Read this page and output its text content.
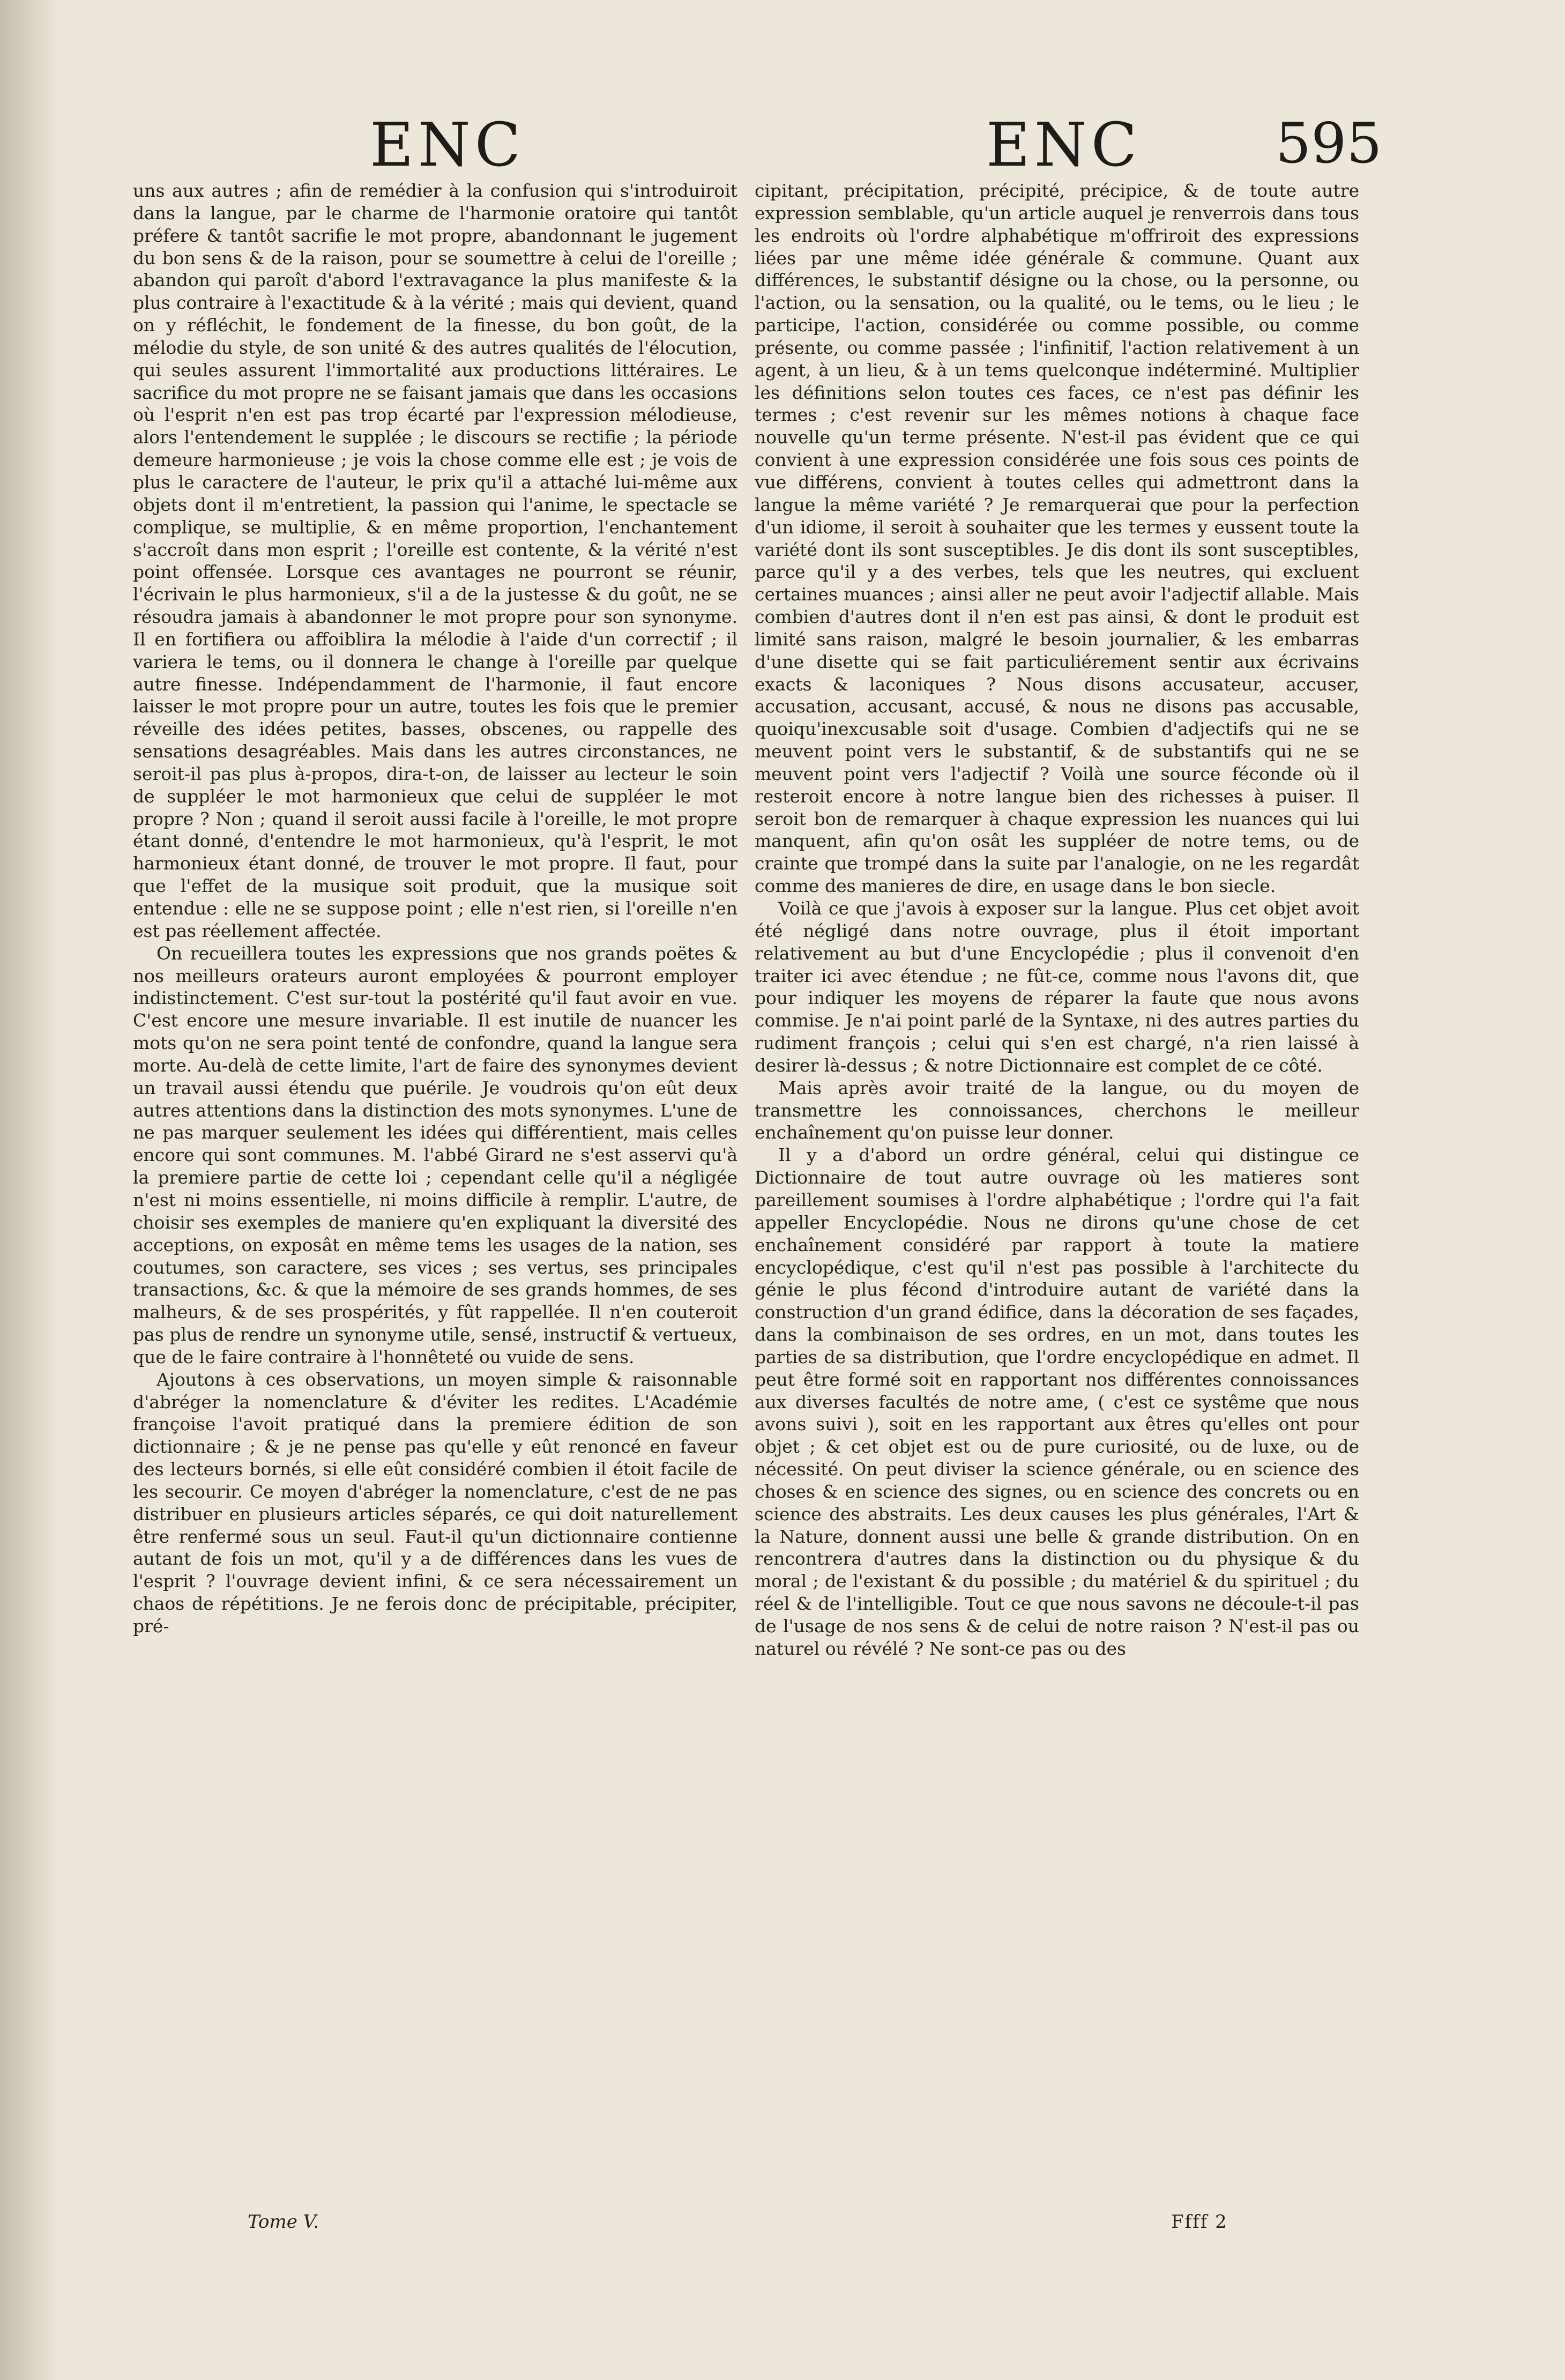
ENC	ENC 595

uns aux autres ; afin de remédier à la confusion qui s'introduiroit dans la langue, par le charme de l'harmonie oratoire qui tantôt préfere & tantôt sacrifie le mot propre, abandonnant le jugement du bon sens & de la raison, pour se soumettre à celui de l'oreille ; abandon qui paroît d'abord l'extravagance la plus manifeste & la plus contraire à l'exactitude & à la vérité ; mais qui devient, quand on y réfléchit, le fondement de la finesse, du bon goût, de la mélodie du style, de son unité & des autres qualités de l'élocution, qui seules assurent l'immortalité aux productions littéraires. Le sacrifice du mot propre ne se faisant jamais que dans les occasions où l'esprit n'en est pas trop écarté par l'expression mélodieuse, alors l'entendement le supplée ; le discours se rectifie ; la période demeure harmonieuse ; je vois la chose comme elle est ; je vois de plus le caractere de l'auteur, le prix qu'il a attaché lui-même aux objets dont il m'entretient, la passion qui l'anime, le spectacle se complique, se multiplie, & en même proportion, l'enchantement s'accroît dans mon esprit ; l'oreille est contente, & la vérité n'est point offensée. Lorsque ces avantages ne pourront se réunir, l'écrivain le plus harmonieux, s'il a de la justesse & du goût, ne se résoudra jamais à abandonner le mot propre pour son synonyme. Il en fortifiera ou affoiblira la mélodie à l'aide d'un correctif ; il variera le tems, ou il donnera le change à l'oreille par quelque autre finesse. Indépendamment de l'harmonie, il faut encore laisser le mot propre pour un autre, toutes les fois que le premier réveille des idées petites, basses, obscenes, ou rappelle des sensations desagréables. Mais dans les autres circonstances, ne seroit-il pas plus à-propos, dira-t-on, de laisser au lecteur le soin de suppléer le mot harmonieux que celui de suppléer le mot propre ? Non ; quand il seroit aussi facile à l'oreille, le mot propre étant donné, d'entendre le mot harmonieux, qu'à l'esprit, le mot harmonieux étant donné, de trouver le mot propre. Il faut, pour que l'effet de la musique soit produit, que la musique soit entendue : elle ne se suppose point ; elle n'est rien, si l'oreille n'en est pas réellement affectée.

On recueillera toutes les expressions que nos grands poëtes & nos meilleurs orateurs auront employées & pourront employer indistinctement. C'est sur-tout la postérité qu'il faut avoir en vue. C'est encore une mesure invariable. Il est inutile de nuancer les mots qu'on ne sera point tenté de confondre, quand la langue sera morte. Au-delà de cette limite, l'art de faire des synonymes devient un travail aussi étendu que puérile. Je voudrois qu'on eût deux autres attentions dans la distinction des mots synonymes. L'une de ne pas marquer seulement les idées qui différentient, mais celles encore qui sont communes. M. l'abbé Girard ne s'est asservi qu'à la premiere partie de cette loi ; cependant celle qu'il a négligée n'est ni moins essentielle, ni moins difficile à remplir. L'autre, de choisir ses exemples de maniere qu'en expliquant la diversité des acceptions, on exposât en même tems les usages de la nation, ses coutumes, son caractere, ses vices ; ses vertus, ses principales transactions, &c. & que la mémoire de ses grands hommes, de ses malheurs, & de ses prospérités, y fût rappellée. Il n'en couteroit pas plus de rendre un synonyme utile, sensé, instructif & vertueux, que de le faire contraire à l'honnêteté ou vuide de sens.

Ajoutons à ces observations, un moyen simple & raisonnable d'abréger la nomenclature & d'éviter les redites. L'Académie françoise l'avoit pratiqué dans la premiere édition de son dictionnaire ; & je ne pense pas qu'elle y eût renoncé en faveur des lecteurs bornés, si elle eût considéré combien il étoit facile de les secourir. Ce moyen d'abréger la nomenclature, c'est de ne pas distribuer en plusieurs articles séparés, ce qui doit naturellement être renfermé sous un seul. Faut-il qu'un dictionnaire contienne autant de fois un mot, qu'il y a de différences dans les vues de l'esprit ? l'ouvrage devient infini, & ce sera nécessairement un chaos de répétitions. Je ne ferois donc de précipitable, précipiter, pré-

cipitant, précipitation, précipité, précipice, & de toute autre expression semblable, qu'un article auquel je renverrois dans tous les endroits où l'ordre alphabétique m'offriroit des expressions liées par une même idée générale & commune. Quant aux différences, le substantif désigne ou la chose, ou la personne, ou l'action, ou la sensation, ou la qualité, ou le tems, ou le lieu ; le participe, l'action, considérée ou comme possible, ou comme présente, ou comme passée ; l'infinitif, l'action relativement à un agent, à un lieu, & à un tems quelconque indéterminé. Multiplier les définitions selon toutes ces faces, ce n'est pas définir les termes ; c'est revenir sur les mêmes notions à chaque face nouvelle qu'un terme présente. N'est-il pas évident que ce qui convient à une expression considérée une fois sous ces points de vue différens, convient à toutes celles qui admettront dans la langue la même variété ? Je remarquerai que pour la perfection d'un idiome, il seroit à souhaiter que les termes y eussent toute la variété dont ils sont susceptibles. Je dis dont ils sont susceptibles, parce qu'il y a des verbes, tels que les neutres, qui excluent certaines muances ; ainsi aller ne peut avoir l'adjectif allable. Mais combien d'autres dont il n'en est pas ainsi, & dont le produit est limité sans raison, malgré le besoin journalier, & les embarras d'une disette qui se fait particuliérement sentir aux écrivains exacts & laconiques ? Nous disons accusateur, accuser, accusation, accusant, accusé, & nous ne disons pas accusable, quoiqu'inexcusable soit d'usage. Combien d'adjectifs qui ne se meuvent point vers le substantif, & de substantifs qui ne se meuvent point vers l'adjectif ? Voilà une source féconde où il resteroit encore à notre langue bien des richesses à puiser. Il seroit bon de remarquer à chaque expression les nuances qui lui manquent, afin qu'on osât les suppléer de notre tems, ou de crainte que trompé dans la suite par l'analogie, on ne les regardât comme des manieres de dire, en usage dans le bon siecle.

Voilà ce que j'avois à exposer sur la langue. Plus cet objet avoit été négligé dans notre ouvrage, plus il étoit important relativement au but d'une Encyclopédie ; plus il convenoit d'en traiter ici avec étendue ; ne fût-ce, comme nous l'avons dit, que pour indiquer les moyens de réparer la faute que nous avons commise. Je n'ai point parlé de la Syntaxe, ni des autres parties du rudiment françois ; celui qui s'en est chargé, n'a rien laissé à desirer là-dessus ; & notre Dictionnaire est complet de ce côté.

Mais après avoir traité de la langue, ou du moyen de transmettre les connoissances, cherchons le meilleur enchaînement qu'on puisse leur donner.

Il y a d'abord un ordre général, celui qui distingue ce Dictionnaire de tout autre ouvrage où les matieres sont pareillement soumises à l'ordre alphabétique ; l'ordre qui l'a fait appeller Encyclopédie. Nous ne dirons qu'une chose de cet enchaînement considéré par rapport à toute la matiere encyclopédique, c'est qu'il n'est pas possible à l'architecte du génie le plus fécond d'introduire autant de variété dans la construction d'un grand édifice, dans la décoration de ses façades, dans la combinaison de ses ordres, en un mot, dans toutes les parties de sa distribution, que l'ordre encyclopédique en admet. Il peut être formé soit en rapportant nos différentes connoissances aux diverses facultés de notre ame, ( c'est ce systême que nous avons suivi ), soit en les rapportant aux êtres qu'elles ont pour objet ; & cet objet est ou de pure curiosité, ou de luxe, ou de nécessité. On peut diviser la science générale, ou en science des choses & en science des signes, ou en science des concrets ou en science des abstraits. Les deux causes les plus générales, l'Art & la Nature, donnent aussi une belle & grande distribution. On en rencontrera d'autres dans la distinction ou du physique & du moral ; de l'existant & du possible ; du matériel & du spirituel ; du réel & de l'intelligible. Tout ce que nous savons ne découle-t-il pas de l'usage de nos sens & de celui de notre raison ? N'est-il pas ou naturel ou révélé ? Ne sont-ce pas ou des

Tome V.	Ffff 2
